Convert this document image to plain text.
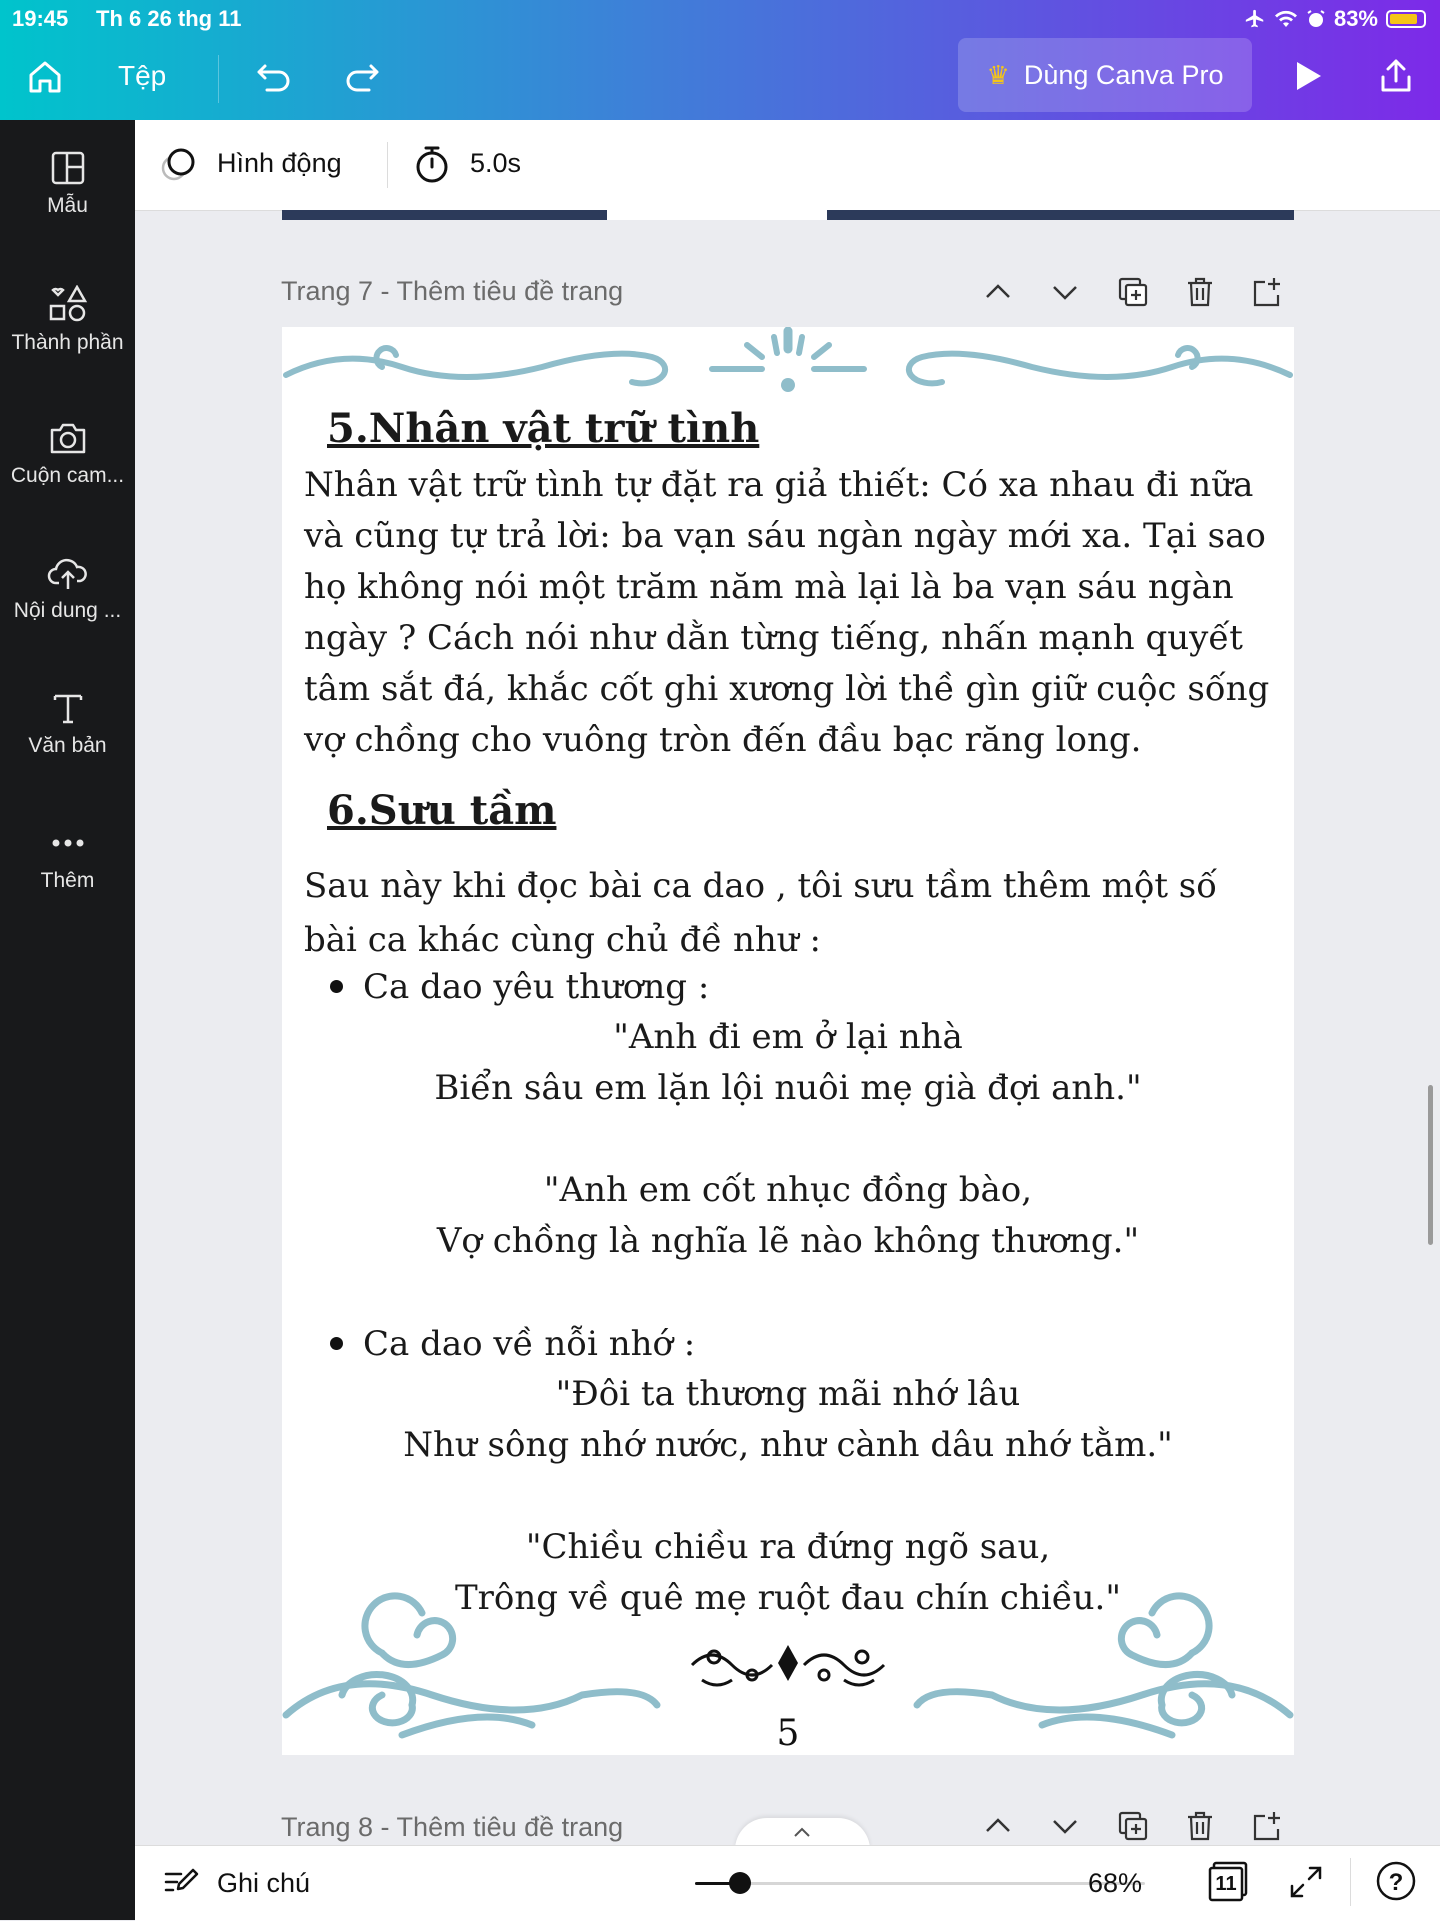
19:45 Th 6 26 thg 11	83%
Tệp	♛ Dùng Canva Pro
Mẫu
Thành phần
Cuộn cam...
Nội dung ...
Văn bản
Thêm
Hình động	5.0s
Trang 7 - Thêm tiêu đề trang
5.Nhân vật trữ tình
Nhân vật trữ tình tự đặt ra giả thiết: Có xa nhau đi nữa
và cũng tự trả lời: ba vạn sáu ngàn ngày mới xa. Tại sao
họ không nói một trăm năm mà lại là ba vạn sáu ngàn
ngày ? Cách nói như dằn từng tiếng, nhấn mạnh quyết
tâm sắt đá, khắc cốt ghi xương lời thề gìn giữ cuộc sống
vợ chồng cho vuông tròn đến đầu bạc răng long.
6.Sưu tầm
Sau này khi đọc bài ca dao , tôi sưu tầm thêm một số
bài ca khác cùng chủ đề như :
Ca dao yêu thương :
"Anh đi em ở lại nhà
Biển sâu em lặn lội nuôi mẹ già đợi anh."
"Anh em cốt nhục đồng bào,
Vợ chồng là nghĩa lẽ nào không thương."
Ca dao về nỗi nhớ :
"Đôi ta thương mãi nhớ lâu
Như sông nhớ nước, như cành dâu nhớ tằm."
"Chiều chiều ra đứng ngõ sau,
Trông về quê mẹ ruột đau chín chiều."
5
Trang 8 - Thêm tiêu đề trang
Ghi chú	68%	11	?
